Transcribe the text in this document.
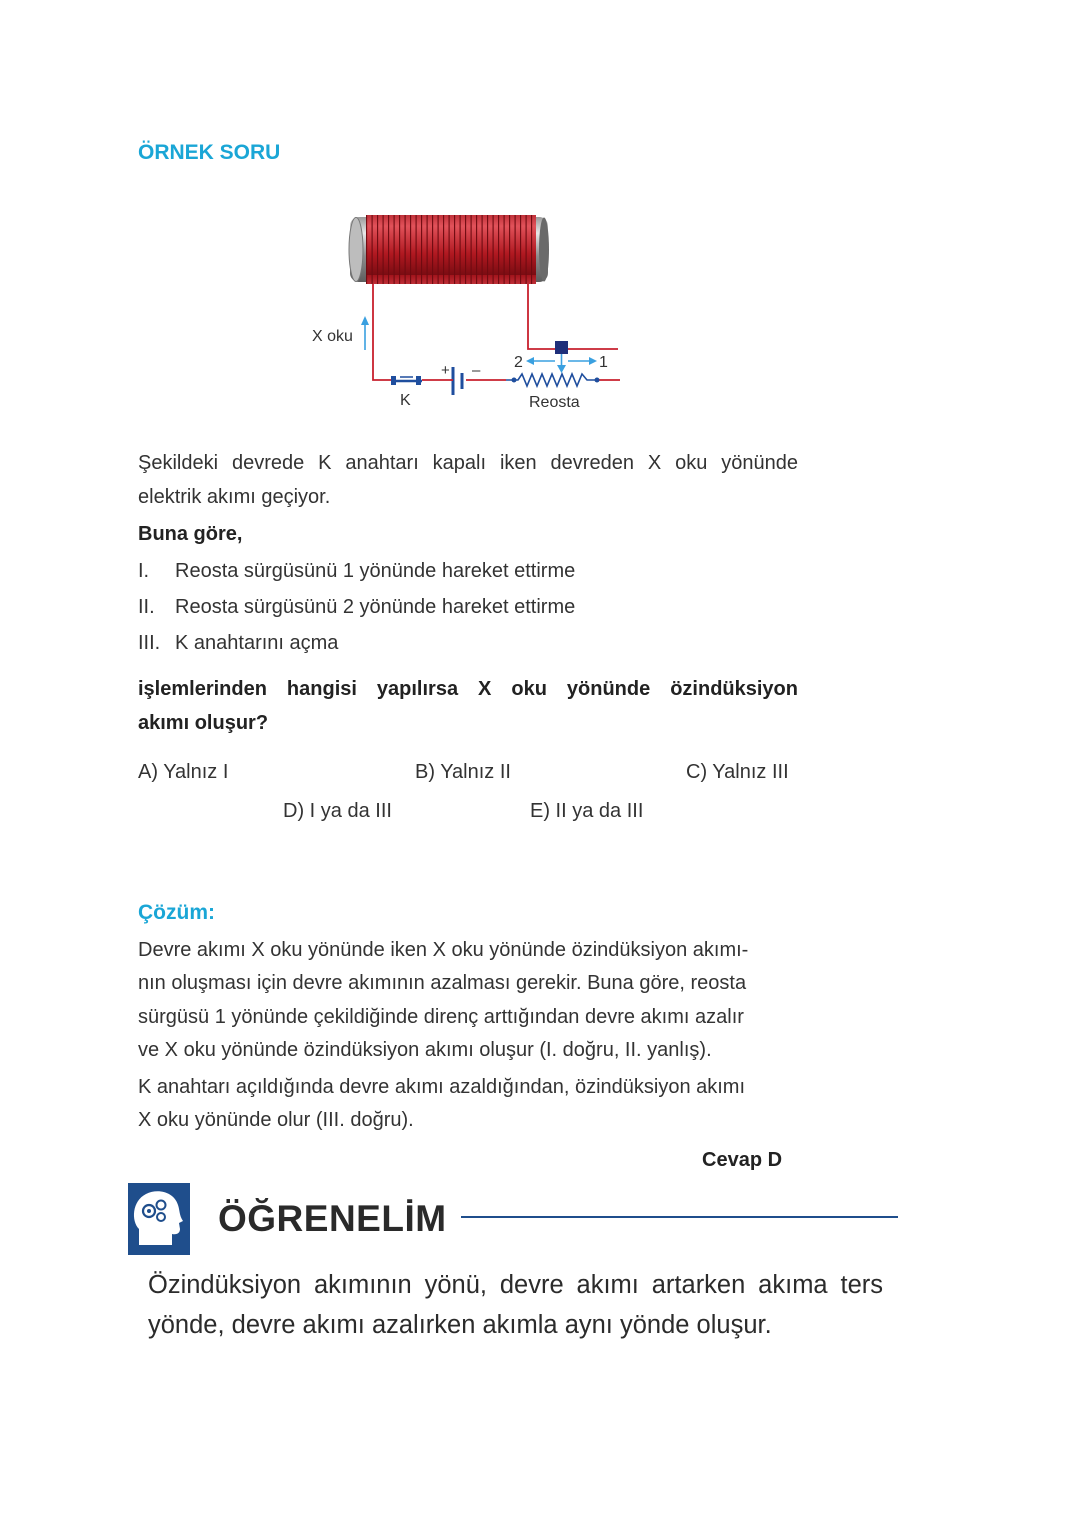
ÖRNEK SORU
X oku
K
+ – 2	1
Reosta
Şekildeki devrede K anahtarı kapalı iken devreden X oku yönünde
elektrik akımı geçiyor.
Buna göre,
I. Reosta sürgüsünü 1 yönünde hareket ettirme
II. Reosta sürgüsünü 2 yönünde hareket ettirme
III. K anahtarını açma
işlemlerinden hangisi yapılırsa X oku yönünde özindüksiyon
akımı oluşur?
A) Yalnız I	B) Yalnız II	C) Yalnız III
D) I ya da III	E) II ya da III
Çözüm:
Devre akımı X oku yönünde iken X oku yönünde özindüksiyon akımı-
nın oluşması için devre akımının azalması gerekir. Buna göre, reosta
sürgüsü 1 yönünde çekildiğinde direnç arttığından devre akımı azalır
ve X oku yönünde özindüksiyon akımı oluşur (I. doğru, II. yanlış).
K anahtarı açıldığında devre akımı azaldığından, özindüksiyon akımı
X oku yönünde olur (III. doğru).
Cevap D
ÖĞRENELİM
Özindüksiyon akımının yönü, devre akımı artarken akıma ters
yönde, devre akımı azalırken akımla aynı yönde oluşur.
